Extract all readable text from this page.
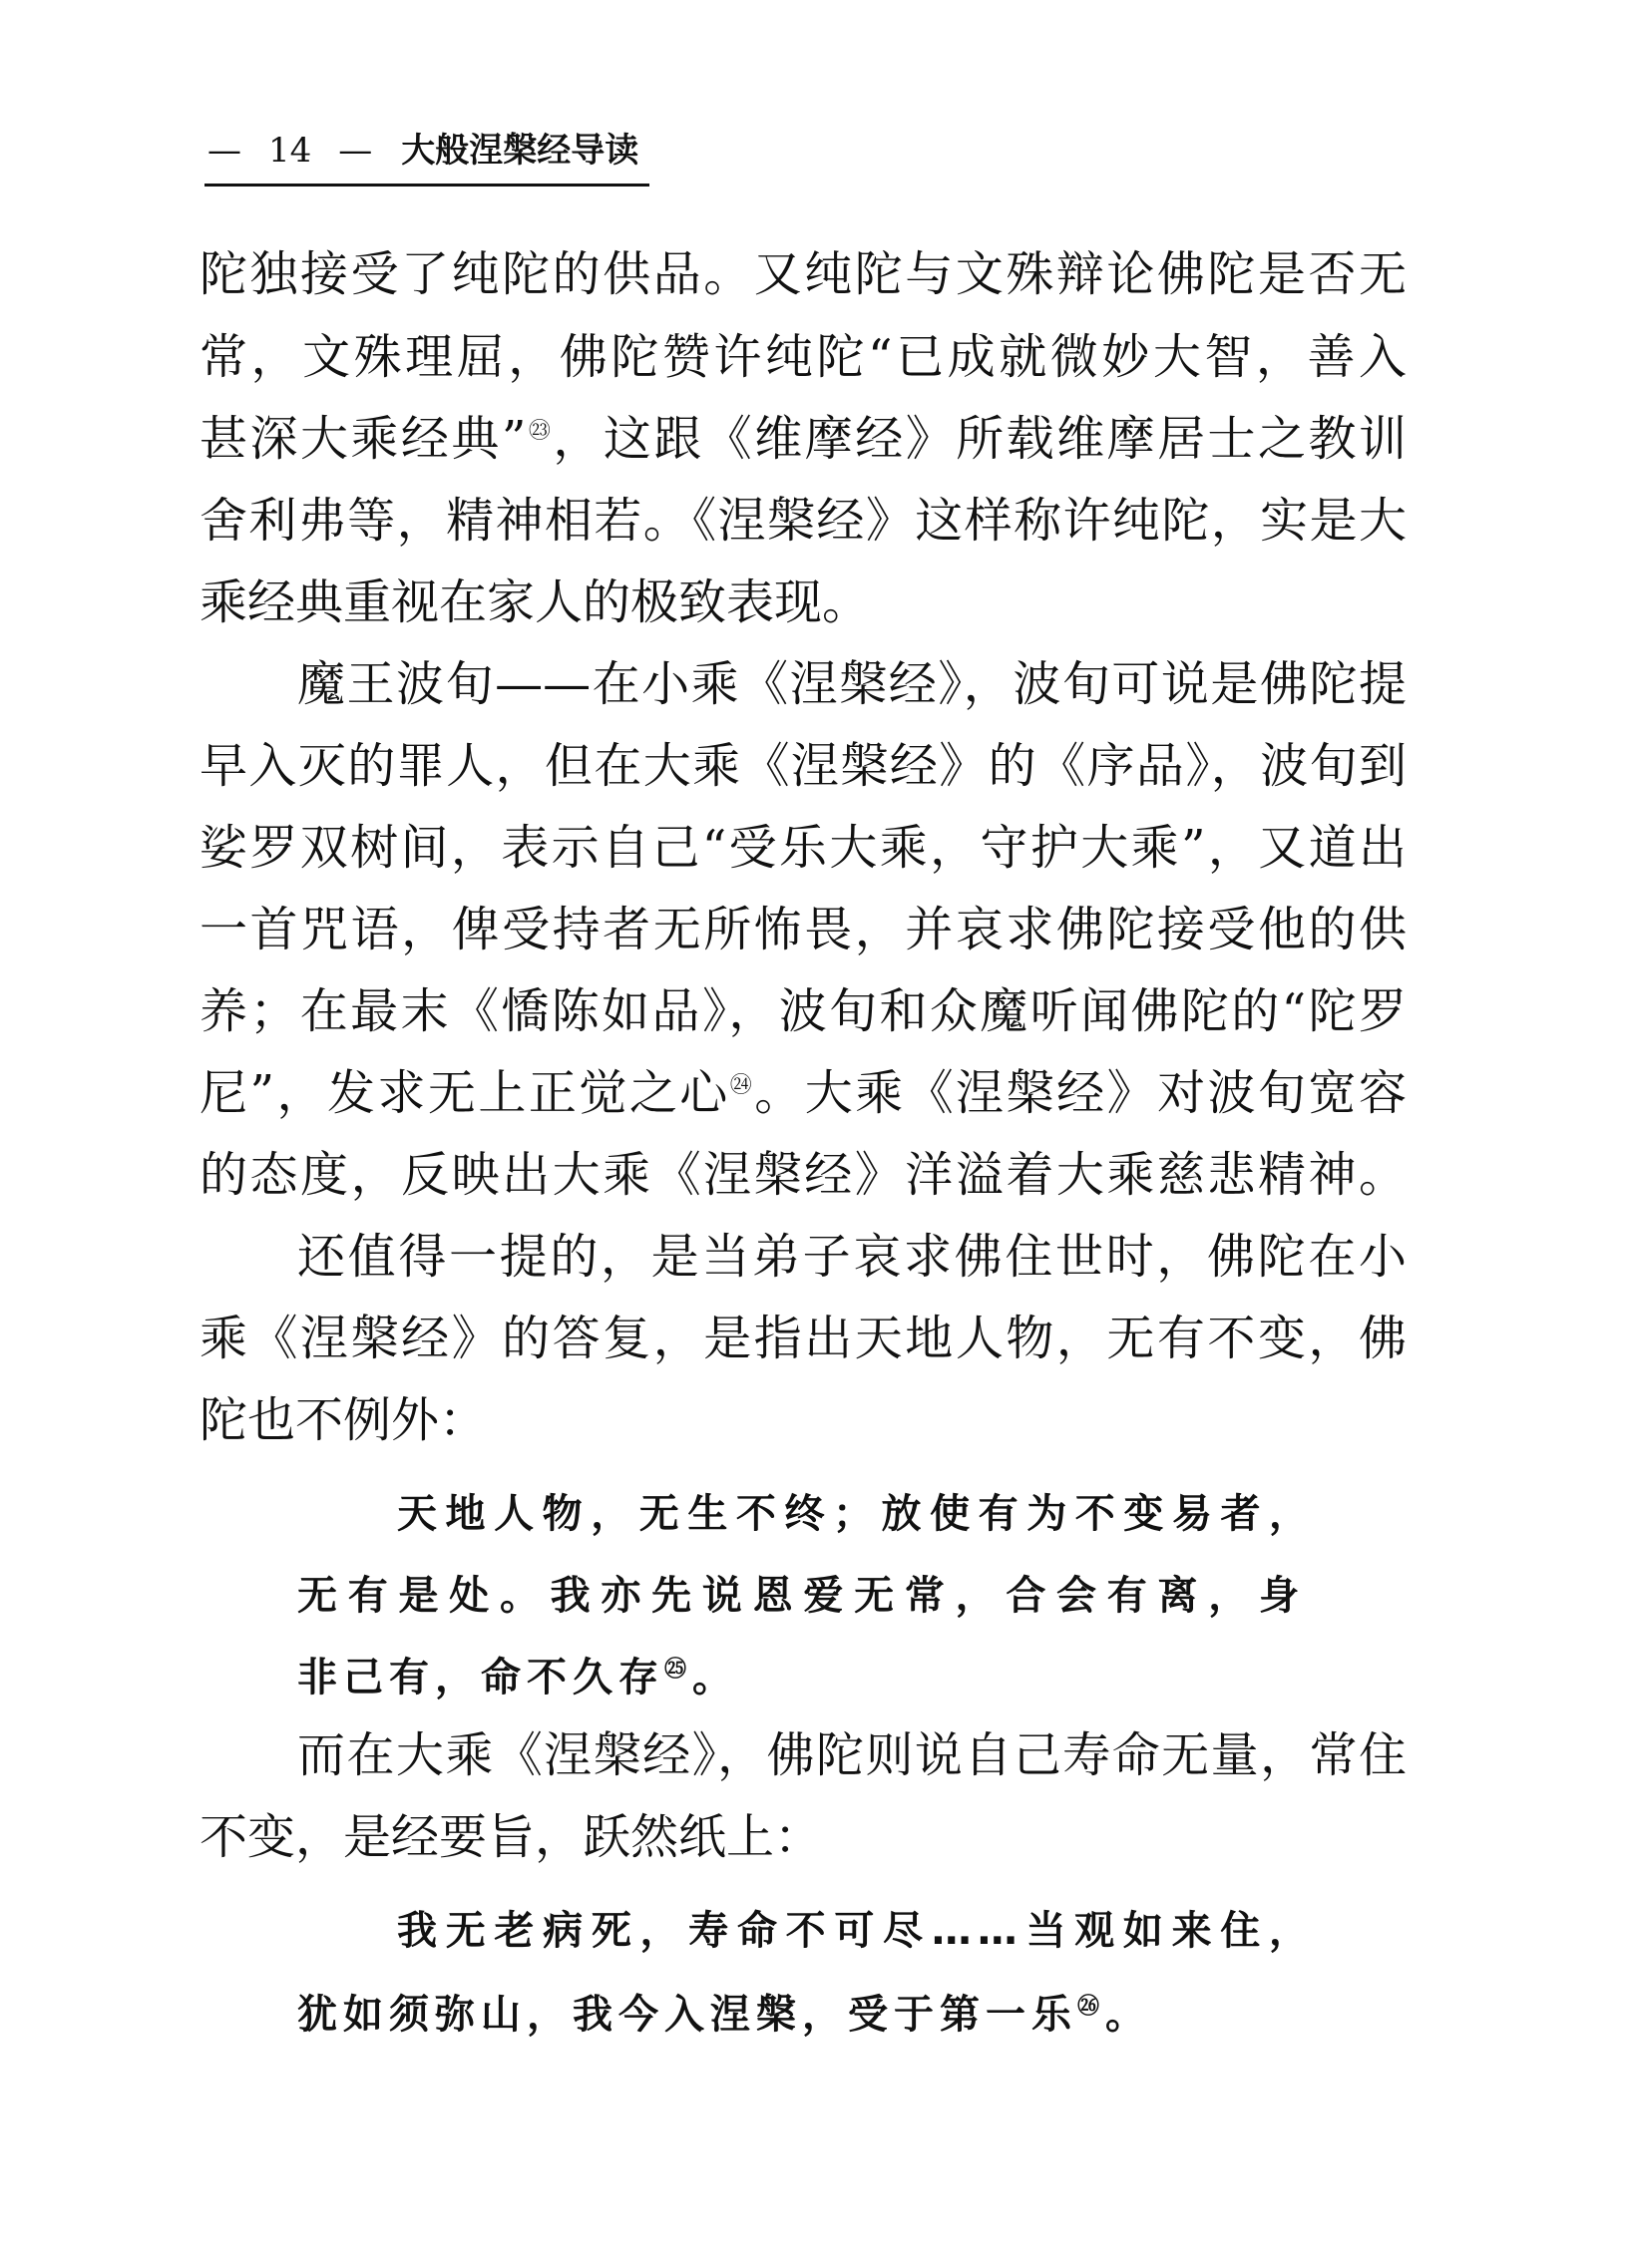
— 14 — 大般涅槃经导读
陀独接受了纯陀的供品。又纯陀与文殊辩论佛陀是否无
常，文殊理屈，佛陀赞许纯陀“已成就微妙大智，善入
甚深大乘经典”$^㉓$，这跟《维摩经》所载维摩居士之教训
舍利弗等，精神相若。《涅槃经》这样称许纯陀，实是大
乘经典重视在家人的极致表现。
魔王波旬——在小乘《涅槃经》，波旬可说是佛陀提
早入灭的罪人，但在大乘《涅槃经》的《序品》，波旬到
娑罗双树间，表示自己“受乐大乘，守护大乘”，又道出
一首咒语，俾受持者无所怖畏，并哀求佛陀接受他的供
养；在最末《憍陈如品》，波旬和众魔听闻佛陀的“陀罗
尼”，发求无上正觉之心$^㉔$。大乘《涅槃经》对波旬宽容
的态度，反映出大乘《涅槃经》洋溢着大乘慈悲精神。
还值得一提的，是当弟子哀求佛住世时，佛陀在小
乘《涅槃经》的答复，是指出天地人物，无有不变，佛
陀也不例外：
天地人物，无生不终；放使有为不变易者，
无有是处。我亦先说恩爱无常，合会有离，身
非己有，命不久存$^㉕$。
而在大乘《涅槃经》，佛陀则说自己寿命无量，常住
不变，是经要旨，跃然纸上：
我无老病死，寿命不可尽……当观如来住，
犹如须弥山，我今入涅槃，受于第一乐$^㉖$。
